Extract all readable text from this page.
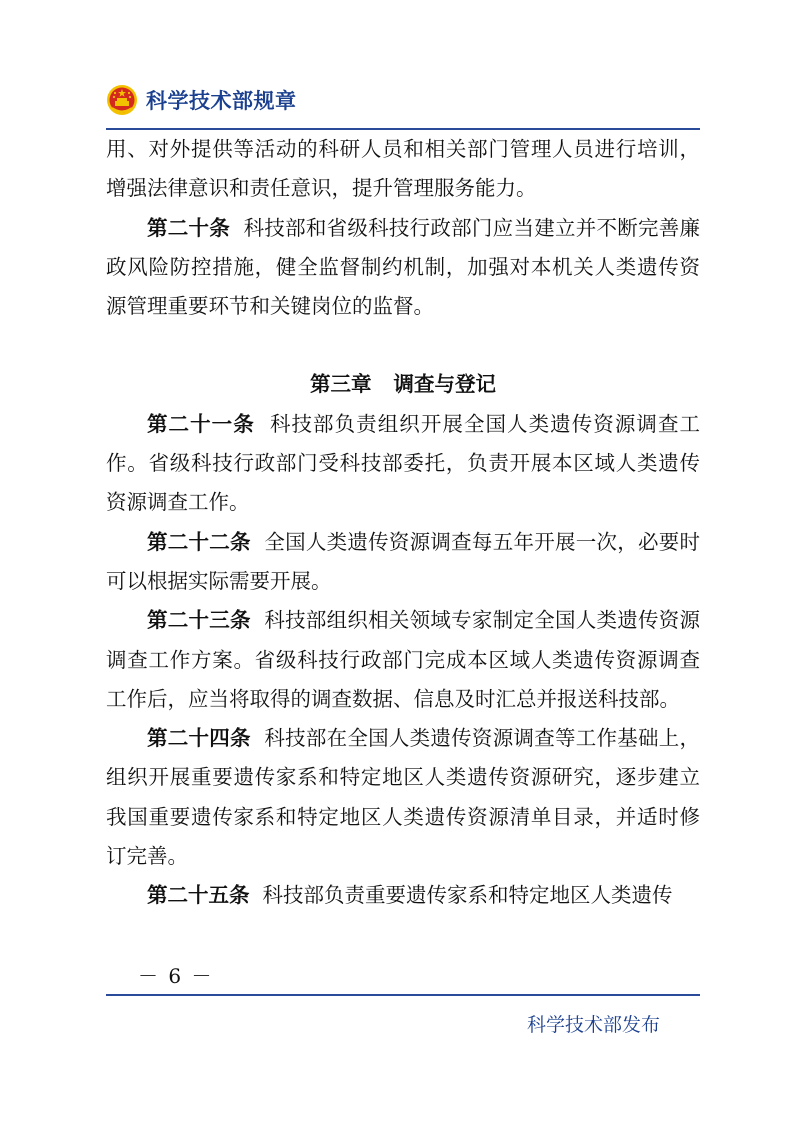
科学技术部规章

用、对外提供等活动的科研人员和相关部门管理人员进行培训，增强法律意识和责任意识，提升管理服务能力。

第二十条 科技部和省级科技行政部门应当建立并不断完善廉政风险防控措施，健全监督制约机制，加强对本机关人类遗传资源管理重要环节和关键岗位的监督。

第三章 调查与登记

第二十一条 科技部负责组织开展全国人类遗传资源调查工作。省级科技行政部门受科技部委托，负责开展本区域人类遗传资源调查工作。

第二十二条 全国人类遗传资源调查每五年开展一次，必要时可以根据实际需要开展。

第二十三条 科技部组织相关领域专家制定全国人类遗传资源调查工作方案。省级科技行政部门完成本区域人类遗传资源调查工作后，应当将取得的调查数据、信息及时汇总并报送科技部。

第二十四条 科技部在全国人类遗传资源调查等工作基础上，组织开展重要遗传家系和特定地区人类遗传资源研究，逐步建立我国重要遗传家系和特定地区人类遗传资源清单目录，并适时修订完善。

第二十五条 科技部负责重要遗传家系和特定地区人类遗传

－ 6 －
科学技术部发布
